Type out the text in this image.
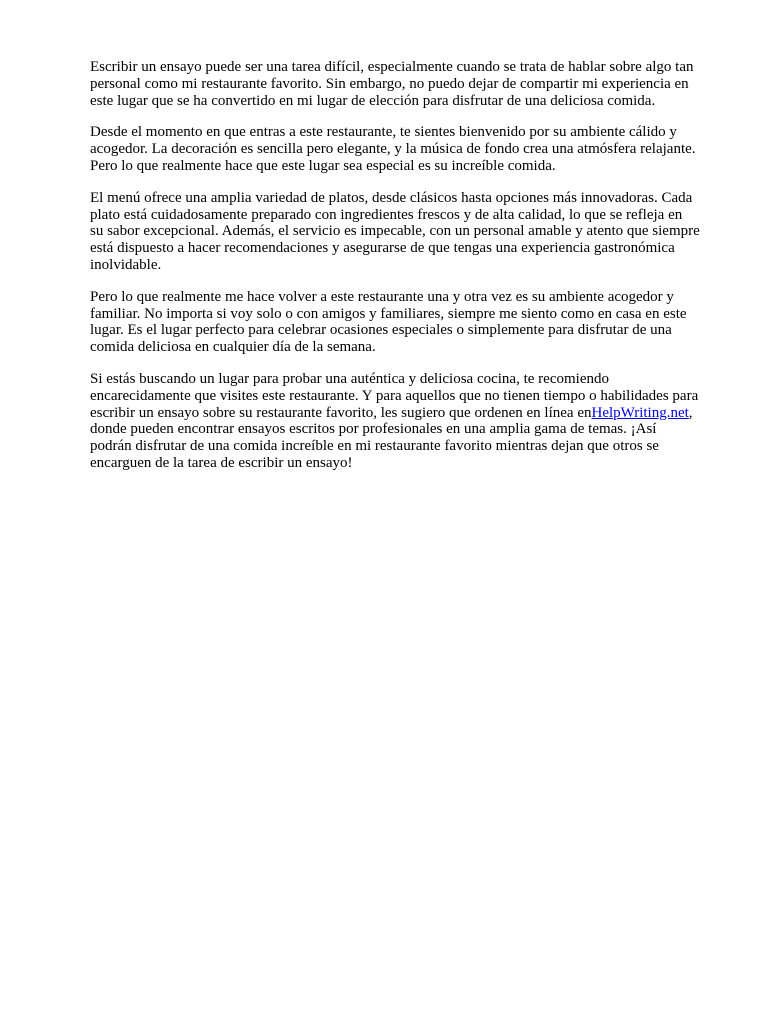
Escribir un ensayo puede ser una tarea difícil, especialmente cuando se trata de hablar sobre algo tan
personal como mi restaurante favorito. Sin embargo, no puedo dejar de compartir mi experiencia en
este lugar que se ha convertido en mi lugar de elección para disfrutar de una deliciosa comida.

Desde el momento en que entras a este restaurante, te sientes bienvenido por su ambiente cálido y
acogedor. La decoración es sencilla pero elegante, y la música de fondo crea una atmósfera relajante.
Pero lo que realmente hace que este lugar sea especial es su increíble comida.

El menú ofrece una amplia variedad de platos, desde clásicos hasta opciones más innovadoras. Cada
plato está cuidadosamente preparado con ingredientes frescos y de alta calidad, lo que se refleja en
su sabor excepcional. Además, el servicio es impecable, con un personal amable y atento que siempre
está dispuesto a hacer recomendaciones y asegurarse de que tengas una experiencia gastronómica
inolvidable.

Pero lo que realmente me hace volver a este restaurante una y otra vez es su ambiente acogedor y
familiar. No importa si voy solo o con amigos y familiares, siempre me siento como en casa en este
lugar. Es el lugar perfecto para celebrar ocasiones especiales o simplemente para disfrutar de una
comida deliciosa en cualquier día de la semana.

Si estás buscando un lugar para probar una auténtica y deliciosa cocina, te recomiendo
encarecidamente que visites este restaurante. Y para aquellos que no tienen tiempo o habilidades para
escribir un ensayo sobre su restaurante favorito, les sugiero que ordenen en línea enHelpWriting.net,
donde pueden encontrar ensayos escritos por profesionales en una amplia gama de temas. ¡Así
podrán disfrutar de una comida increíble en mi restaurante favorito mientras dejan que otros se
encarguen de la tarea de escribir un ensayo!
